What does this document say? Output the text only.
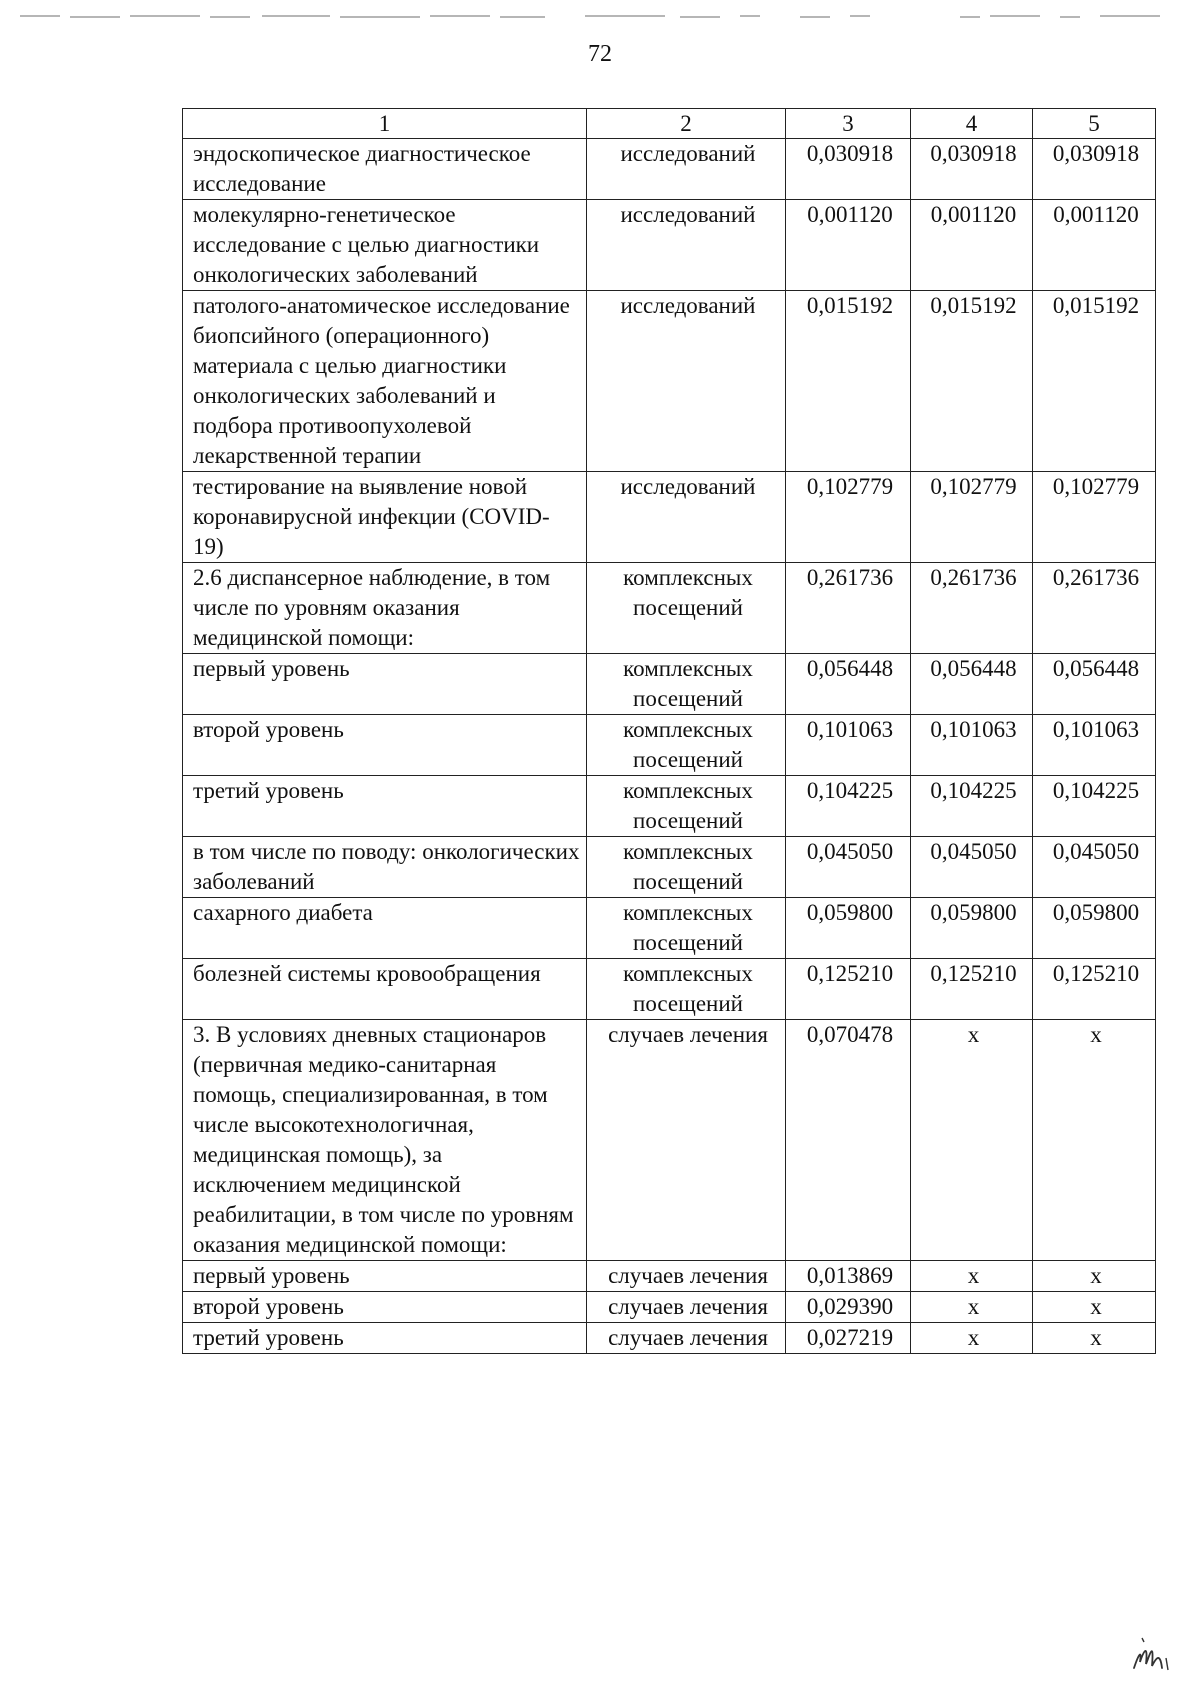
72
1	2	3	4	5
эндоскопическое диагностическое исследование	исследований	0,030918	0,030918	0,030918
молекулярно-генетическое исследование с целью диагностики онкологических заболеваний	исследований	0,001120	0,001120	0,001120
патолого-анатомическое исследование биопсийного (операционного) материала с целью диагностики онкологических заболеваний и подбора противоопухолевой лекарственной терапии	исследований	0,015192	0,015192	0,015192
тестирование на выявление новой коронавирусной инфекции (COVID-19)	исследований	0,102779	0,102779	0,102779
2.6 диспансерное наблюдение, в том числе по уровням оказания медицинской помощи:	комплексных посещений	0,261736	0,261736	0,261736
первый уровень	комплексных посещений	0,056448	0,056448	0,056448
второй уровень	комплексных посещений	0,101063	0,101063	0,101063
третий уровень	комплексных посещений	0,104225	0,104225	0,104225
в том числе по поводу: онкологических заболеваний	комплексных посещений	0,045050	0,045050	0,045050
сахарного диабета	комплексных посещений	0,059800	0,059800	0,059800
болезней системы кровообращения	комплексных посещений	0,125210	0,125210	0,125210
3. В условиях дневных стационаров (первичная медико-санитарная помощь, специализированная, в том числе высокотехнологичная, медицинская помощь), за исключением медицинской реабилитации, в том числе по уровням оказания медицинской помощи:	случаев лечения	0,070478	х	х
первый уровень	случаев лечения	0,013869	х	х
второй уровень	случаев лечения	0,029390	х	х
третий уровень	случаев лечения	0,027219	х	х
